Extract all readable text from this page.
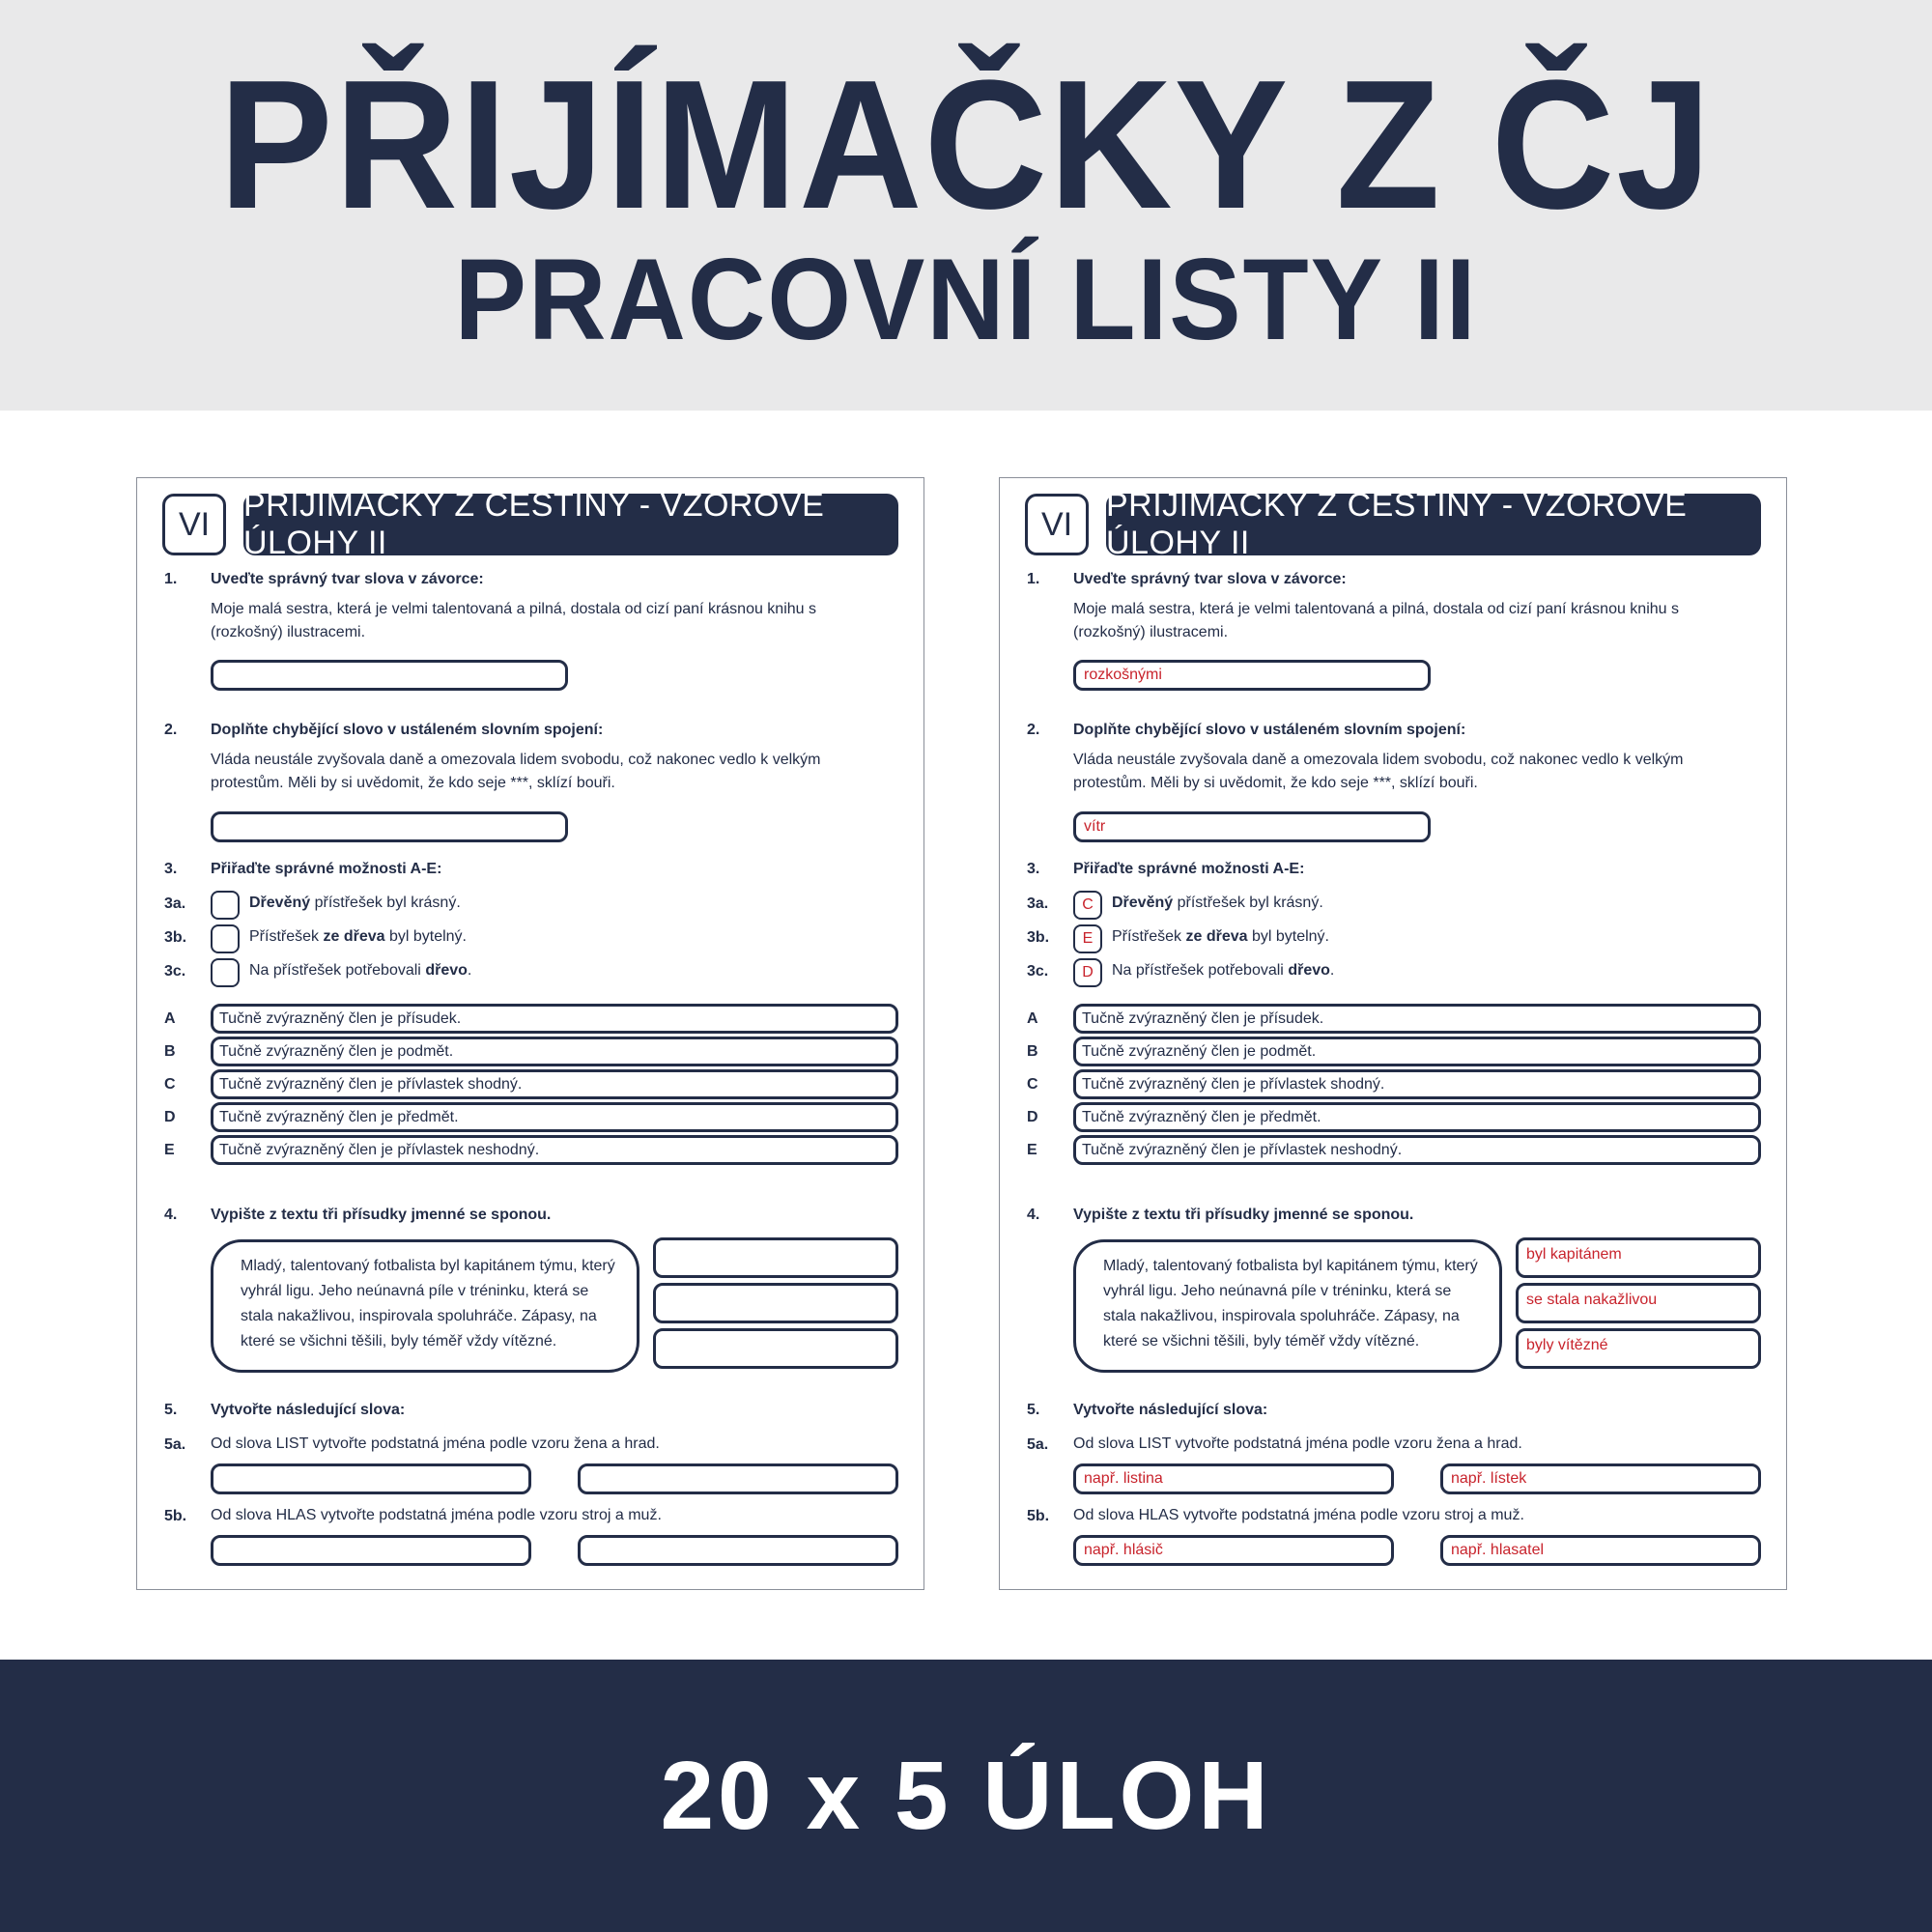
PŘIJÍMAČKY Z ČJ
PRACOVNÍ LISTY II
VI
PŘIJÍMAČKY Z ČEŠTINY - VZOROVÉ ÚLOHY II
1. Uveďte správný tvar slova v závorce:
Moje malá sestra, která je velmi talentovaná a pilná, dostala od cizí paní krásnou knihu s (rozkošný) ilustracemi.
2. Doplňte chybějící slovo v ustáleném slovním spojení:
Vláda neustále zvyšovala daně a omezovala lidem svobodu, což nakonec vedlo k velkým protestům. Měli by si uvědomit, že kdo seje ***, sklízí bouři.
3. Přiřaďte správné možnosti A-E:
3a.	Dřevěný přístřešek byl krásný.
3b.	Přístřešek ze dřeva byl bytelný.
3c.	Na přístřešek potřebovali dřevo.
A	Tučně zvýrazněný člen je přísudek.
B	Tučně zvýrazněný člen je podmět.
C	Tučně zvýrazněný člen je přívlastek shodný.
D	Tučně zvýrazněný člen je předmět.
E	Tučně zvýrazněný člen je přívlastek neshodný.
4. Vypište z textu tři přísudky jmenné se sponou.
Mladý, talentovaný fotbalista byl kapitánem týmu, který vyhrál ligu. Jeho neúnavná píle v tréninku, která se stala nakažlivou, inspirovala spoluhráče. Zápasy, na které se všichni těšili, byly téměř vždy vítězné.
5. Vytvořte následující slova:
5a. Od slova LIST vytvořte podstatná jména podle vzoru žena a hrad.
5b. Od slova HLAS vytvořte podstatná jména podle vzoru stroj a muž.
VI
PŘIJÍMAČKY Z ČEŠTINY - VZOROVÉ ÚLOHY II
1. Uveďte správný tvar slova v závorce:
Moje malá sestra, která je velmi talentovaná a pilná, dostala od cizí paní krásnou knihu s (rozkošný) ilustracemi.
rozkošnými
2. Doplňte chybějící slovo v ustáleném slovním spojení:
Vláda neustále zvyšovala daně a omezovala lidem svobodu, což nakonec vedlo k velkým protestům. Měli by si uvědomit, že kdo seje ***, sklízí bouři.
vítr
3. Přiřaďte správné možnosti A-E:
3a. C Dřevěný přístřešek byl krásný.
3b. E Přístřešek ze dřeva byl bytelný.
3c. D Na přístřešek potřebovali dřevo.
A	Tučně zvýrazněný člen je přísudek.
B	Tučně zvýrazněný člen je podmět.
C	Tučně zvýrazněný člen je přívlastek shodný.
D	Tučně zvýrazněný člen je předmět.
E	Tučně zvýrazněný člen je přívlastek neshodný.
4. Vypište z textu tři přísudky jmenné se sponou.
Mladý, talentovaný fotbalista byl kapitánem týmu, který vyhrál ligu. Jeho neúnavná píle v tréninku, která se stala nakažlivou, inspirovala spoluhráče. Zápasy, na které se všichni těšili, byly téměř vždy vítězné.
byl kapitánem
se stala nakažlivou
byly vítězné
5. Vytvořte následující slova:
5a. Od slova LIST vytvořte podstatná jména podle vzoru žena a hrad.
např. listina	např. lístek
5b. Od slova HLAS vytvořte podstatná jména podle vzoru stroj a muž.
např. hlásič	např. hlasatel
20 x 5 ÚLOH
